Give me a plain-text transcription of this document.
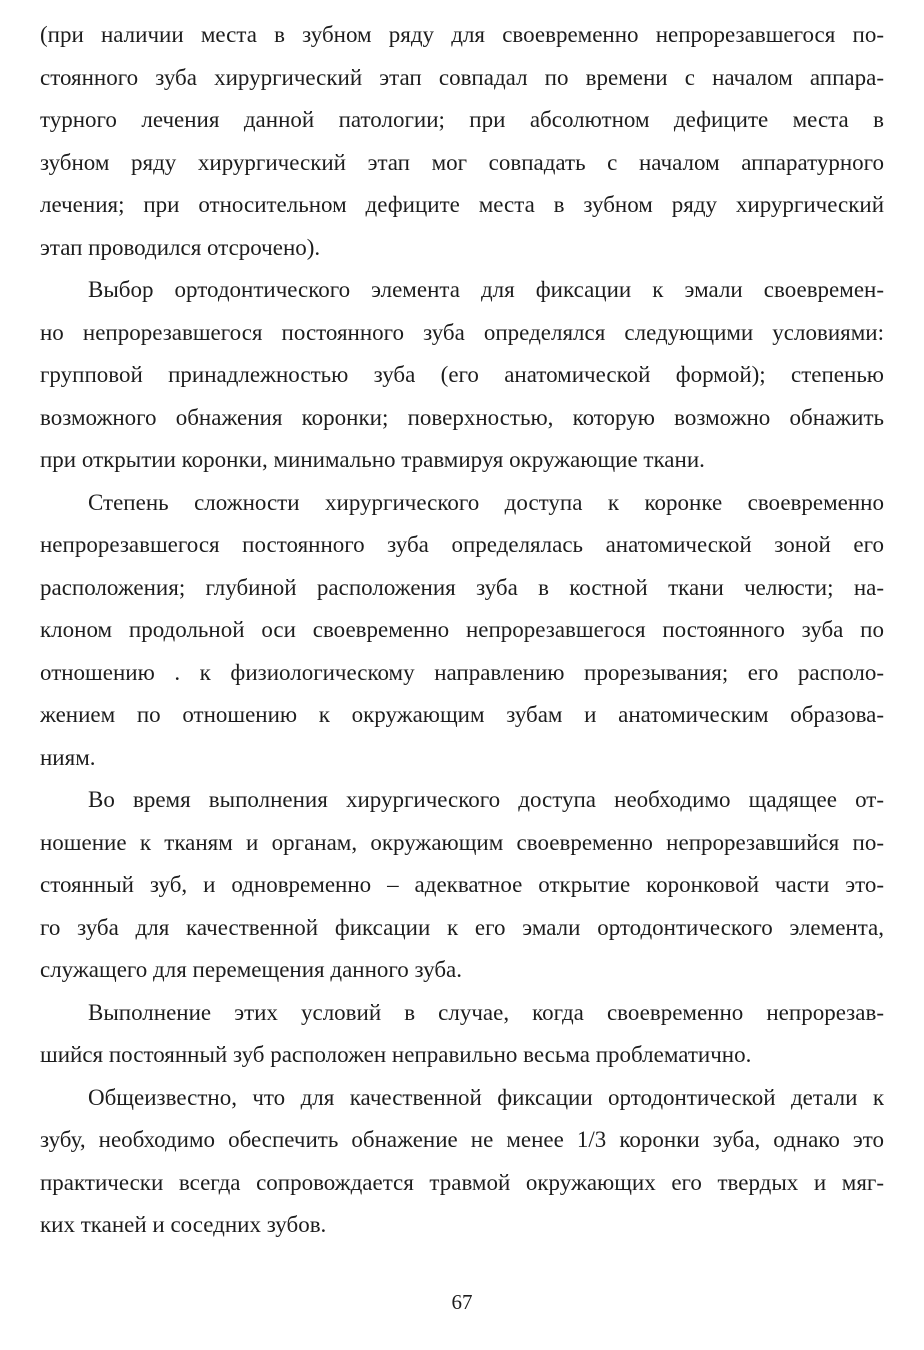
(при наличии места в зубном ряду для своевременно непрорезавшегося по-
стоянного зуба хирургический этап совпадал по времени с началом аппара-
турного лечения данной патологии; при абсолютном дефиците места в
зубном ряду хирургический этап мог совпадать с началом аппаратурного
лечения; при относительном дефиците места в зубном ряду хирургический
этап проводился отсрочено).
Выбор ортодонтического элемента для фиксации к эмали своевремен-
но непрорезавшегося постоянного зуба определялся следующими условиями:
групповой принадлежностью зуба (его анатомической формой); степенью
возможного обнажения коронки; поверхностью, которую возможно обнажить
при открытии коронки, минимально травмируя окружающие ткани.
Степень сложности хирургического доступа к коронке своевременно
непрорезавшегося постоянного зуба определялась анатомической зоной его
расположения; глубиной расположения зуба в костной ткани челюсти; на-
клоном продольной оси своевременно непрорезавшегося постоянного зуба по
отношению . к физиологическому направлению прорезывания; его располо-
жением по отношению к окружающим зубам и анатомическим образова-
ниям.
Во время выполнения хирургического доступа необходимо щадящее от-
ношение к тканям и органам, окружающим своевременно непрорезавшийся по-
стоянный зуб, и одновременно – адекватное открытие коронковой части это-
го зуба для качественной фиксации к его эмали ортодонтического элемента,
служащего для перемещения данного зуба.
Выполнение этих условий в случае, когда своевременно непрорезав-
шийся постоянный зуб расположен неправильно весьма проблематично.
Общеизвестно, что для качественной фиксации ортодонтической детали к
зубу, необходимо обеспечить обнажение не менее 1/3 коронки зуба, однако это
практически всегда сопровождается травмой окружающих его твердых и мяг-
ких тканей и соседних зубов.
67
